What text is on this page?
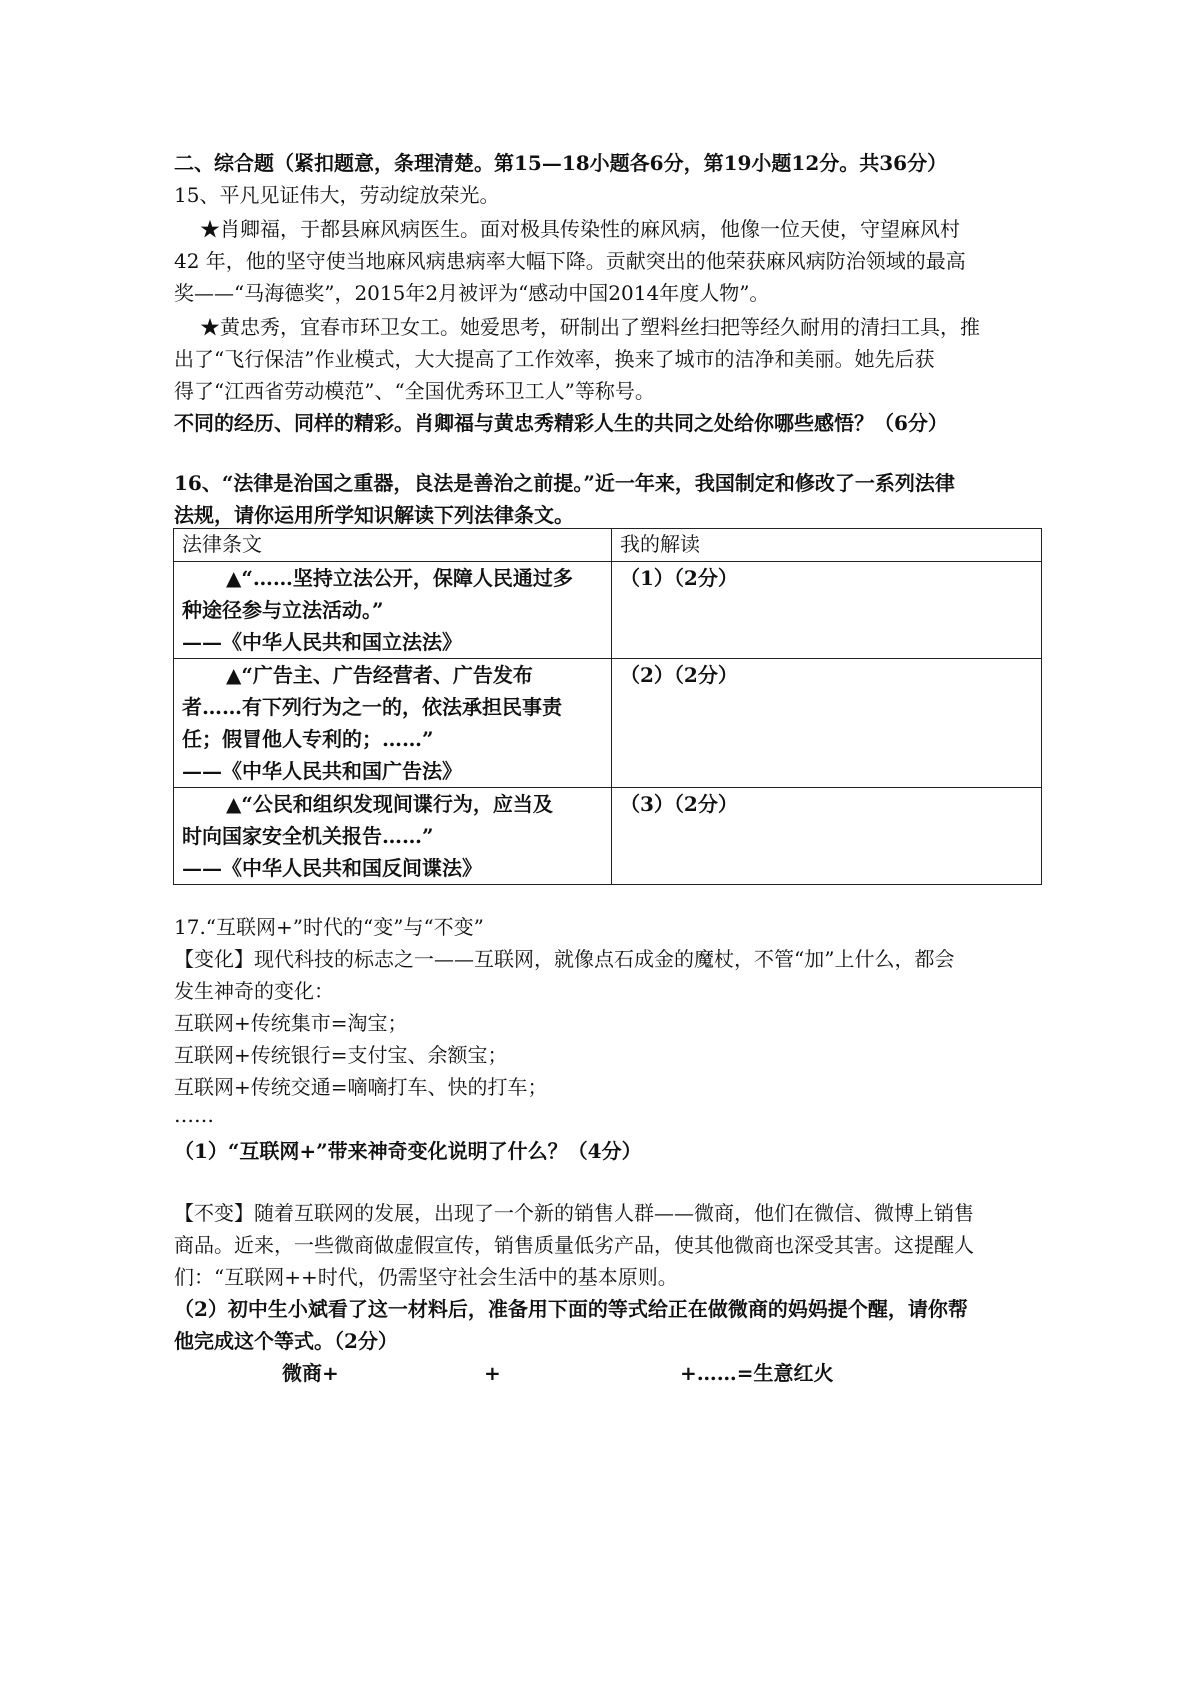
二、综合题（紧扣题意，条理清楚。第15—18小题各6分，第19小题12分。共36分）
15、平凡见证伟大，劳动绽放荣光。
★肖卿福，于都县麻风病医生。面对极具传染性的麻风病，他像一位天使，守望麻风村
42 年，他的坚守使当地麻风病患病率大幅下降。贡献突出的他荣获麻风病防治领域的最高
奖——“马海德奖”，2015年2月被评为“感动中国2014年度人物”。
★黄忠秀，宜春市环卫女工。她爱思考，研制出了塑料丝扫把等经久耐用的清扫工具，推
出了“飞行保洁”作业模式，大大提高了工作效率，换来了城市的洁净和美丽。她先后获
得了“江西省劳动模范”、“全国优秀环卫工人”等称号。
不同的经历、同样的精彩。肖卿福与黄忠秀精彩人生的共同之处给你哪些感悟？（6分）
16、“法律是治国之重器，良法是善治之前提。”近一年来，我国制定和修改了一系列法律
法规，请你运用所学知识解读下列法律条文。
法律条文	我的解读

▲“……坚持立法公开，保障人民通过多
种途径参与立法活动。”
——《中华人民共和国立法法》	（1）（2分）

▲“广告主、广告经营者、广告发布
者……有下列行为之一的，依法承担民事责
任；假冒他人专利的；……”
——《中华人民共和国广告法》	（2）（2分）

▲“公民和组织发现间谍行为，应当及
时向国家安全机关报告……”
——《中华人民共和国反间谍法》	（3）（2分）
17.“互联网+”时代的“变”与“不变”
【变化】现代科技的标志之一——互联网，就像点石成金的魔杖，不管“加”上什么，都会
发生神奇的变化：
互联网+传统集市=淘宝；
互联网+传统银行=支付宝、余额宝；
互联网+传统交通=嘀嘀打车、快的打车；
……
（1）“互联网+”带来神奇变化说明了什么？（4分）
【不变】随着互联网的发展，出现了一个新的销售人群——微商，他们在微信、微博上销售
商品。近来，一些微商做虚假宣传，销售质量低劣产品，使其他微商也深受其害。这提醒人
们：“互联网++时代，仍需坚守社会生活中的基本原则。
（2）初中生小斌看了这一材料后，准备用下面的等式给正在做微商的妈妈提个醒，请你帮
他完成这个等式。（2分）
微商+	+	+……=生意红火
